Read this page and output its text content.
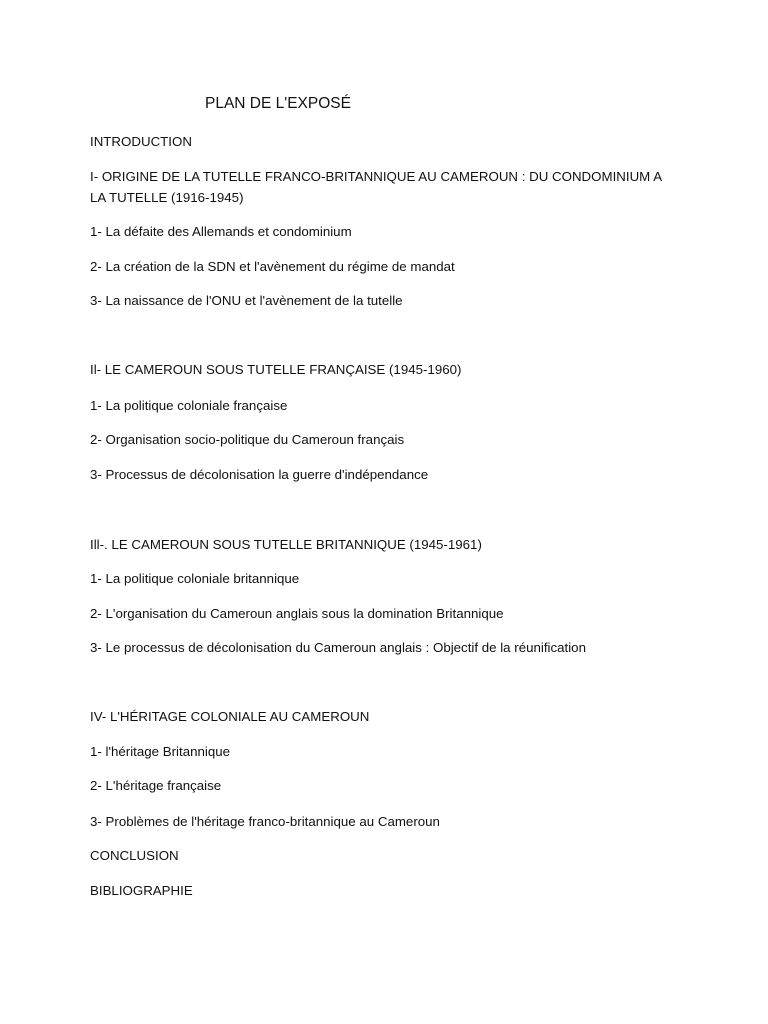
PLAN DE L'EXPOSÉ
INTRODUCTION
I- ORIGINE DE LA TUTELLE FRANCO-BRITANNIQUE AU CAMEROUN : DU CONDOMINIUM A LA TUTELLE (1916-1945)
1- La défaite des Allemands et condominium
2- La création de la SDN et l'avènement du régime de mandat
3- La naissance de l'ONU et l'avènement de la tutelle
Il- LE CAMEROUN SOUS TUTELLE FRANÇAISE (1945-1960)
1- La politique coloniale française
2- Organisation socio-politique du Cameroun français
3- Processus de décolonisation la guerre d'indépendance
Ill-. LE CAMEROUN SOUS TUTELLE BRITANNIQUE (1945-1961)
1- La politique coloniale britannique
2- L'organisation du Cameroun anglais sous la domination Britannique
3- Le processus de décolonisation du Cameroun anglais : Objectif de la réunification
IV- L'HÉRITAGE COLONIALE AU CAMEROUN
1- l'héritage Britannique
2- L'héritage française
3- Problèmes de l'héritage franco-britannique au Cameroun
CONCLUSION
BIBLIOGRAPHIE
